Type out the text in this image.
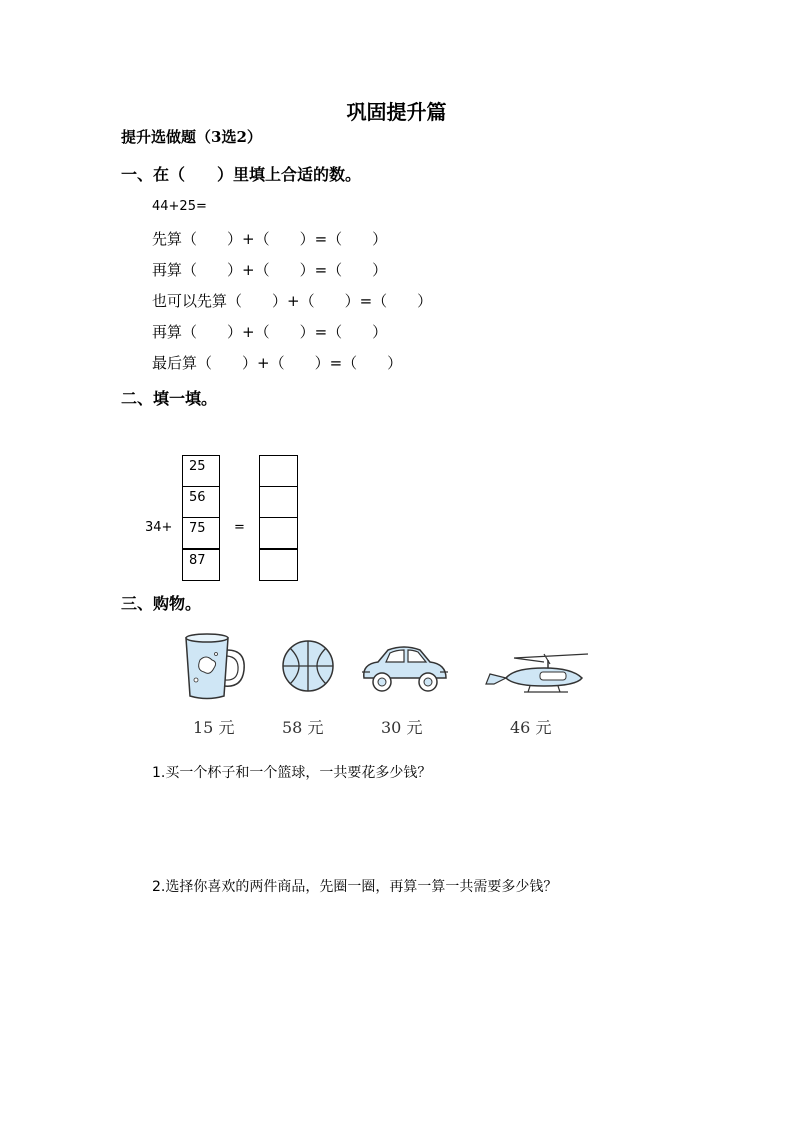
巩固提升篇
提升选做题（3选2）
一、在（　　）里填上合适的数。
44+25=
先算（　　）+（　　）=（　　）
再算（　　）+（　　）=（　　）
也可以先算（　　）+（　　）=（　　）
再算（　　）+（　　）=（　　）
最后算（　　）+（　　）=（　　）
二、填一填。
34+
25
56
75
87
=
三、购物。
15 元	58 元	30 元	46 元
1.买一个杯子和一个篮球，一共要花多少钱？
2.选择你喜欢的两件商品，先圈一圈，再算一算一共需要多少钱？
